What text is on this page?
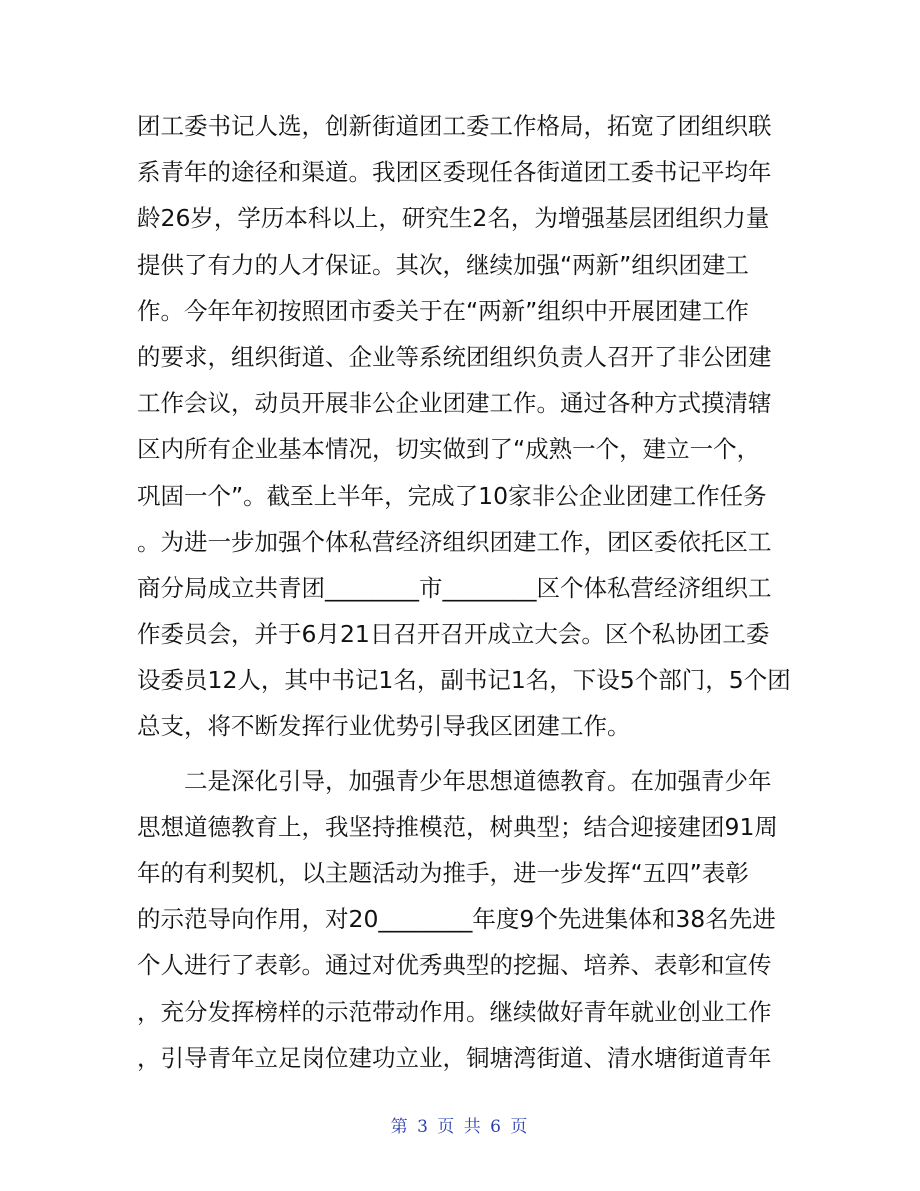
团工委书记人选，创新街道团工委工作格局，拓宽了团组织联
系青年的途径和渠道。我团区委现任各街道团工委书记平均年
龄26岁，学历本科以上，研究生2名，为增强基层团组织力量
提供了有力的人才保证。其次，继续加强“两新”组织团建工
作。今年年初按照团市委关于在“两新”组织中开展团建工作
的要求，组织街道、企业等系统团组织负责人召开了非公团建
工作会议，动员开展非公企业团建工作。通过各种方式摸清辖
区内所有企业基本情况，切实做到了“成熟一个，建立一个，
巩固一个”。截至上半年，完成了10家非公企业团建工作任务
。为进一步加强个体私营经济组织团建工作，团区委依托区工
商分局成立共青团________市________区个体私营经济组织工
作委员会，并于6月21日召开召开成立大会。区个私协团工委
设委员12人，其中书记1名，副书记1名，下设5个部门，5个团
总支，将不断发挥行业优势引导我区团建工作。
　　二是深化引导，加强青少年思想道德教育。在加强青少年
思想道德教育上，我坚持推模范，树典型；结合迎接建团91周
年的有利契机，以主题活动为推手，进一步发挥“五四”表彰
的示范导向作用，对20________年度9个先进集体和38名先进
个人进行了表彰。通过对优秀典型的挖掘、培养、表彰和宣传
，充分发挥榜样的示范带动作用。继续做好青年就业创业工作
，引导青年立足岗位建功立业，铜塘湾街道、清水塘街道青年
第 3 页 共 6 页
